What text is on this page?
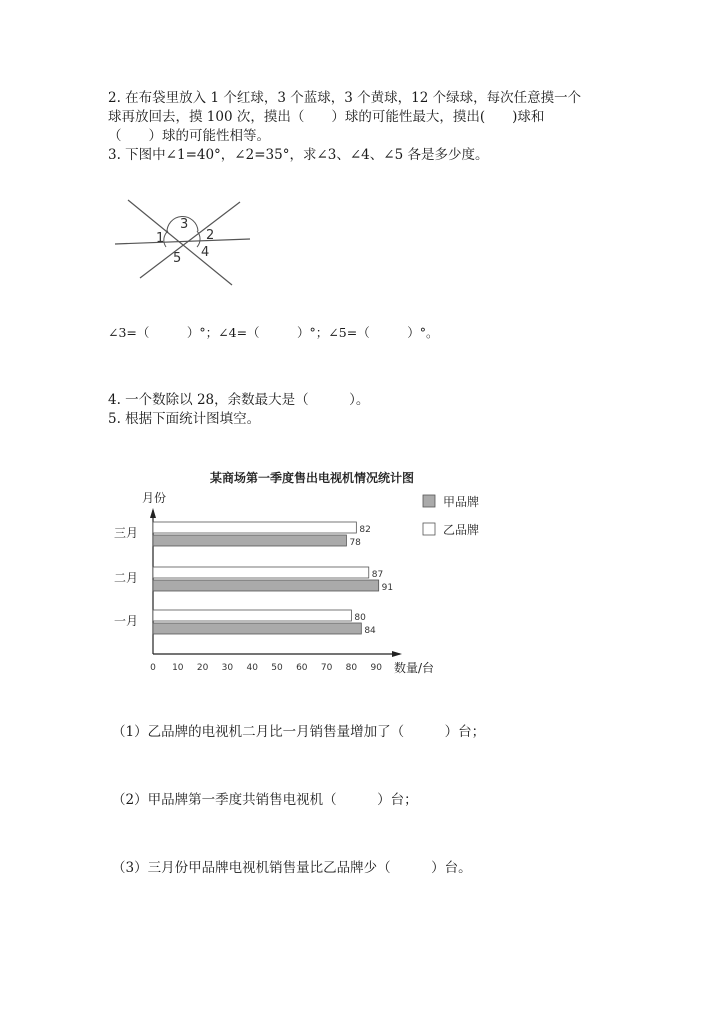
2. 在布袋里放入 1 个红球，3 个蓝球，3 个黄球，12 个绿球，每次任意摸一个
球再放回去，摸 100 次，摸出（　　）球的可能性最大，摸出(　　)球和
（　　）球的可能性相等。
3. 下图中∠1=40°，∠2=35°，求∠3、∠4、∠5 各是多少度。
1	2
3
4
5
∠3=（　　　）°；∠4=（　　　）°；∠5=（　　　）°。
4. 一个数除以 28，余数最大是（　　　）。
5. 根据下面统计图填空。
某商场第一季度售出电视机情况统计图
月份
数量/台
0 10 20 30 40 50 60 70 80 90
三月	82
78
二月	87
91
一月	80
84
甲品牌
乙品牌
（1）乙品牌的电视机二月比一月销售量增加了（　　　）台；
（2）甲品牌第一季度共销售电视机（　　　）台；
（3）三月份甲品牌电视机销售量比乙品牌少（　　　）台。
